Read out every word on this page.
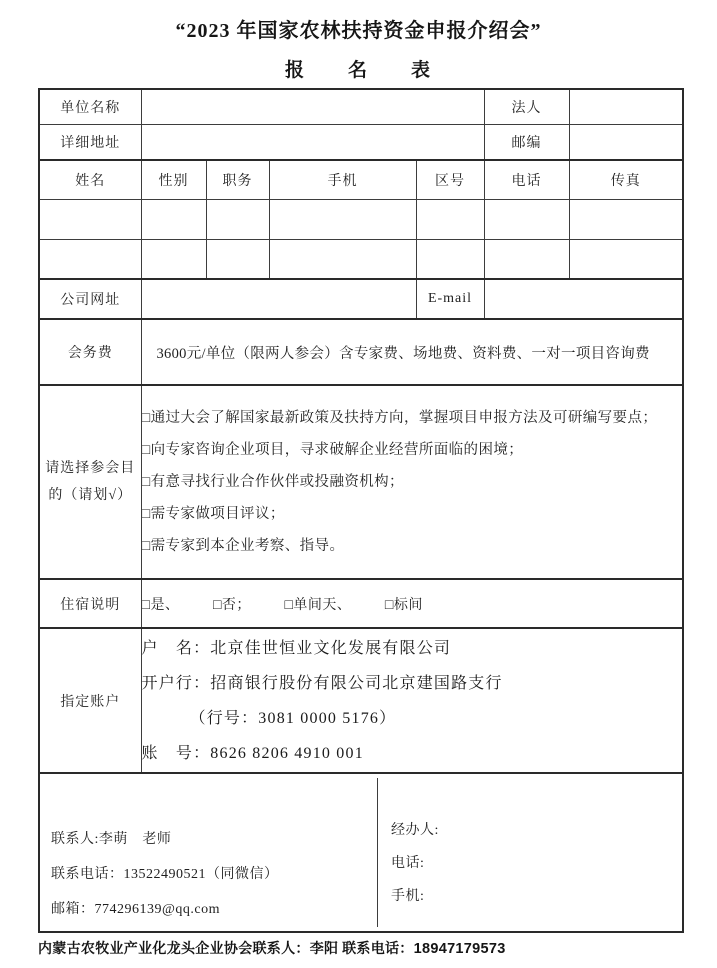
“2023 年国家农林扶持资金申报介绍会”
报　　名　　表
单位名称					法人	
详细地址					邮编	
姓名	性别	职务	手机	区号	电话	传真

公司网址				E-mail		
会务费	3600元/单位（限两人参会）含专家费、场地费、资料费、一对一项目咨询费					

请选择参会目的（请划√）	□通过大会了解国家最新政策及扶持方向，掌握项目申报方法及可研编写要点；
□向专家咨询企业项目，寻求破解企业经营所面临的困境；
□有意寻找行业合作伙伴或投融资机构；
□需专家做项目评议；
□需专家到本企业考察、指导。					

住宿说明	□是、 □否； □单间天、 □标间					
指定账户	户　名：北京佳世恒业文化发展有限公司
开户行：招商银行股份有限公司北京建国路支行
（行号：3081 0000 5176）
账　号：8626 8206 4910 001					

联系人:李萌　老师
联系电话：13522490521（同微信）
邮箱：774296139@qq.com
经办人:
电话:
手机:
内蒙古农牧业产业化龙头企业协会联系人：李阳 联系电话：18947179573
